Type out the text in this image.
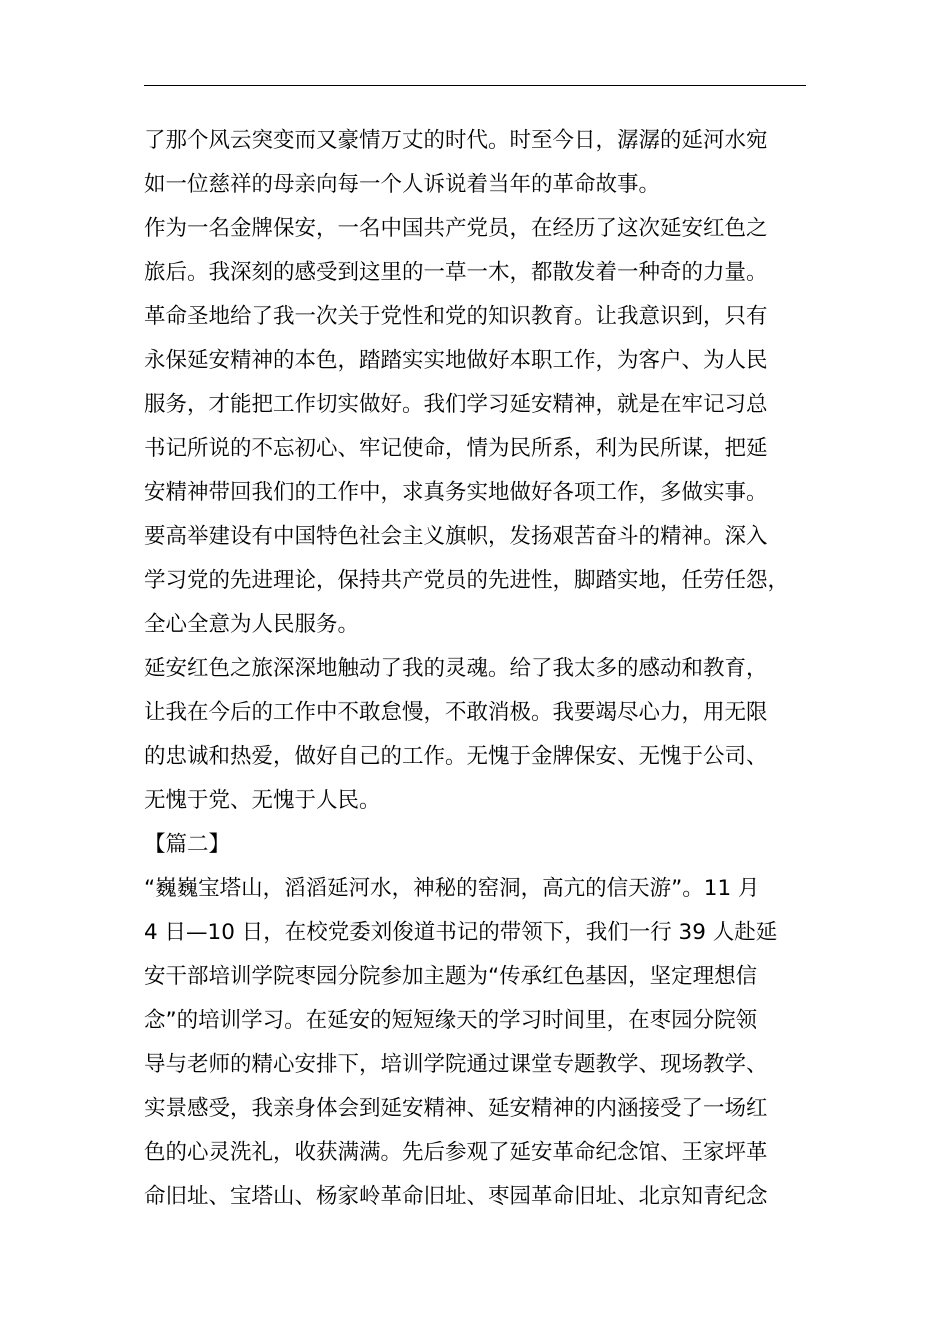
了那个风云突变而又豪情万丈的时代。时至今日，潺潺的延河水宛
如一位慈祥的母亲向每一个人诉说着当年的革命故事。
作为一名金牌保安，一名中国共产党员，在经历了这次延安红色之
旅后。我深刻的感受到这里的一草一木，都散发着一种奇的力量。
革命圣地给了我一次关于党性和党的知识教育。让我意识到，只有
永保延安精神的本色，踏踏实实地做好本职工作，为客户、为人民
服务，才能把工作切实做好。我们学习延安精神，就是在牢记习总
书记所说的不忘初心、牢记使命，情为民所系，利为民所谋，把延
安精神带回我们的工作中，求真务实地做好各项工作，多做实事。
要高举建设有中国特色社会主义旗帜，发扬艰苦奋斗的精神。深入
学习党的先进理论，保持共产党员的先进性，脚踏实地，任劳任怨，
全心全意为人民服务。
延安红色之旅深深地触动了我的灵魂。给了我太多的感动和教育，
让我在今后的工作中不敢怠慢，不敢消极。我要竭尽心力，用无限
的忠诚和热爱，做好自己的工作。无愧于金牌保安、无愧于公司、
无愧于党、无愧于人民。
【篇二】
“巍巍宝塔山，滔滔延河水，神秘的窑洞，高亢的信天游”。11 月
4 日—10 日，在校党委刘俊道书记的带领下，我们一行 39 人赴延
安干部培训学院枣园分院参加主题为“传承红色基因，坚定理想信
念”的培训学习。在延安的短短缘天的学习时间里，在枣园分院领
导与老师的精心安排下，培训学院通过课堂专题教学、现场教学、
实景感受，我亲身体会到延安精神、延安精神的内涵接受了一场红
色的心灵洗礼，收获满满。先后参观了延安革命纪念馆、王家坪革
命旧址、宝塔山、杨家岭革命旧址、枣园革命旧址、北京知青纪念
